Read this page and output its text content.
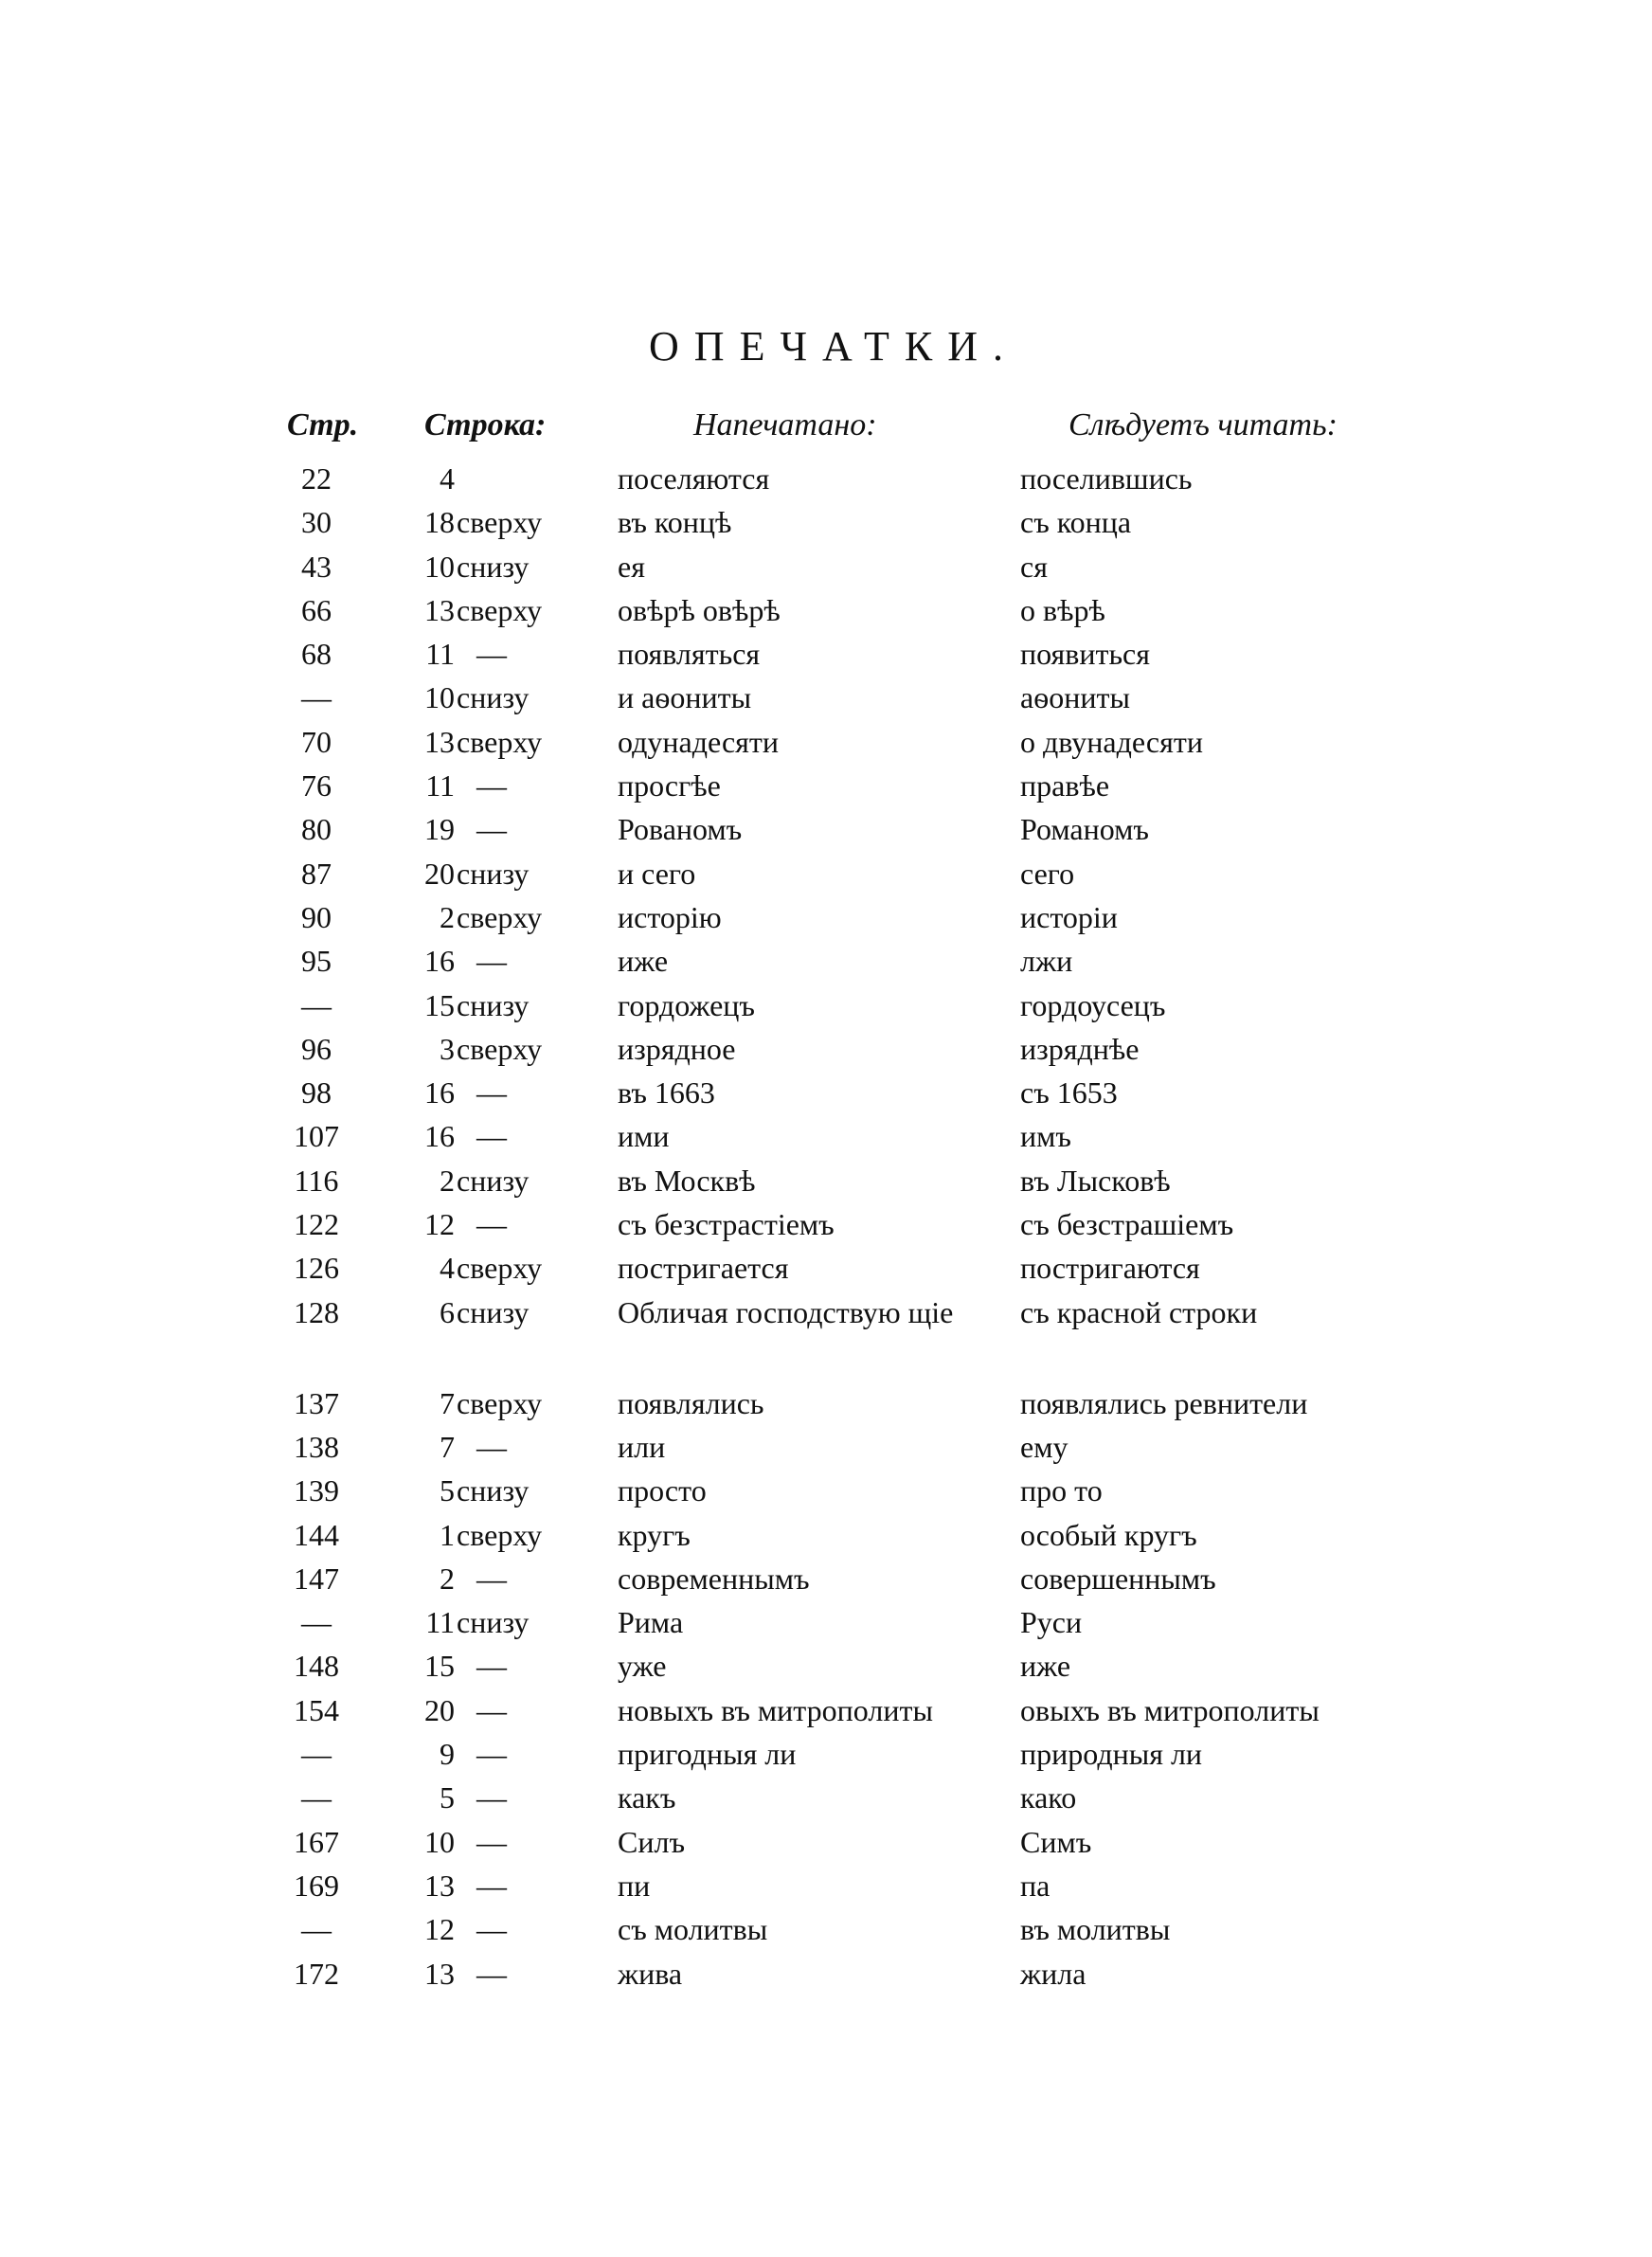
ОПЕЧАТКИ.
Стр. Строка:	Напечатано:	Слѣдуетъ читать:
22	4	поселяются	поселившись
30	18 сверху	въ концѣ	съ конца
43	10 снизу	ея	ся
66	13 сверху	овѣрѣ овѣрѣ	о вѣрѣ
68	11 —	появляться	появиться
—	10 снизу	и аѳониты	аѳониты
70	13 сверху	одунадесяти	о двунадесяти
76	11 —	просгѣе	правѣе
80	19 —	Рованомъ	Романомъ
87	20 снизу	и сего	сего
90	2 сверху	исторію	исторіи
95	16 —	иже	лжи
—	15 снизу	гордожецъ	гордоусецъ
96	3 сверху	изрядное	изряднѣе
98	16 —	въ 1663	съ 1653
107	16 —	ими	имъ
116	2 снизу	въ Москвѣ	въ Лысковѣ
122	12 —	съ безстрастіемъ	съ безстрашіемъ
126	4 сверху	постригается	постригаются
128	6 снизу	Обличая господствую щіе	съ красной строки
137	7 сверху	появлялись	появлялись ревнители
138	7 —	или	ему
139	5 снизу	просто	про то
144	1 сверху	кругъ	особый кругъ
147	2 —	современнымъ	совершеннымъ
—	11 снизу	Рима	Руси
148	15 —	уже	иже
154	20 —	новыхъ въ митрополиты	овыхъ въ митрополиты
—	9 —	пригодныя ли	природныя ли
—	5 —	какъ	како
167	10 —	Силъ	Симъ
169	13 —	пи	па
—	12 —	съ молитвы	въ молитвы
172	13 —	жива	жила
